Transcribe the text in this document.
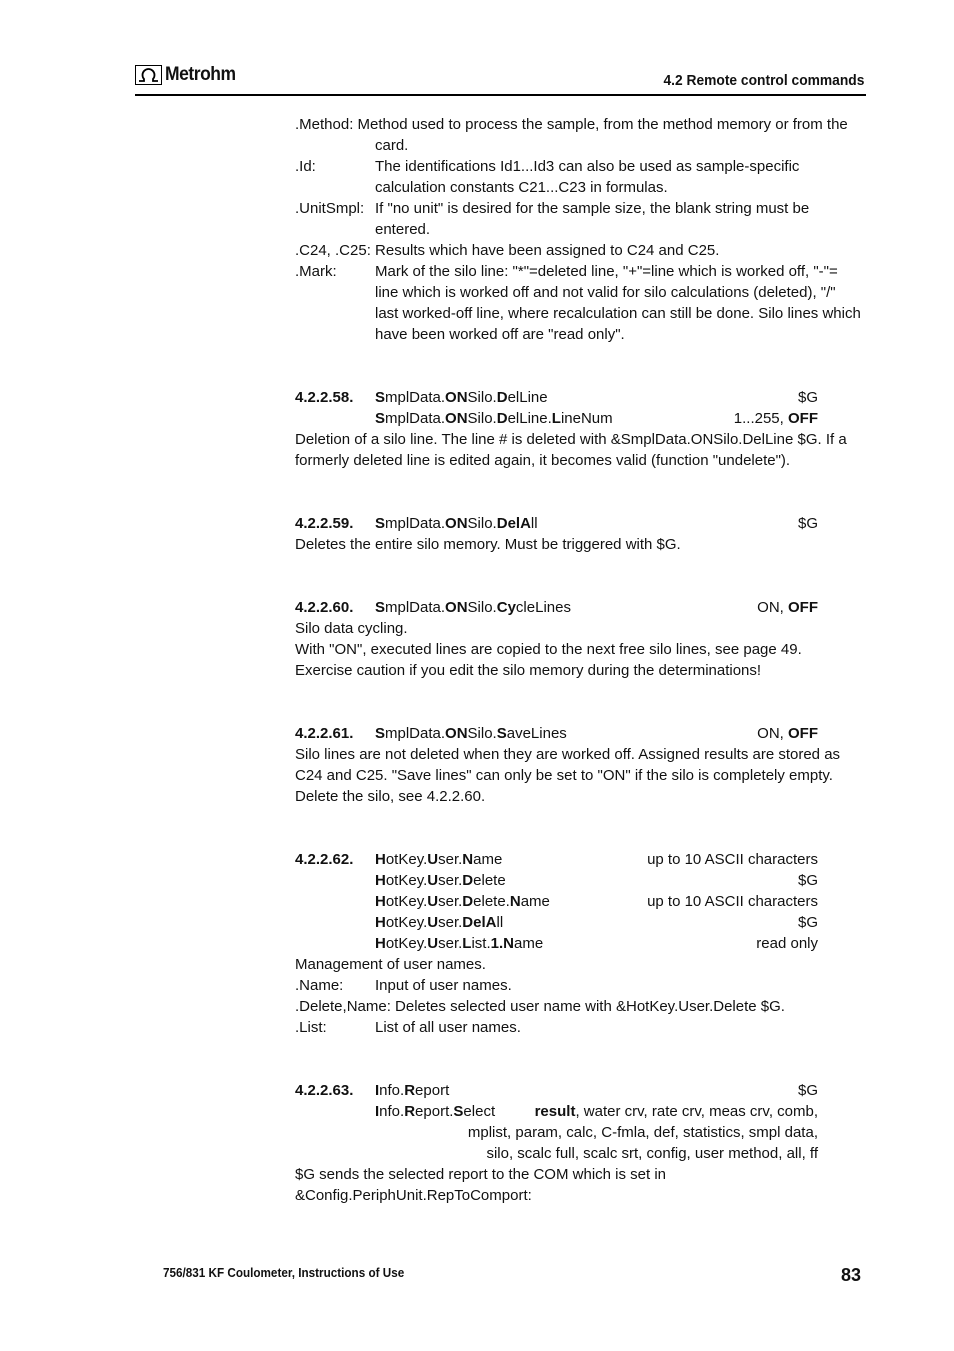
Metrohm	4.2 Remote control commands
.Method: Method used to process the sample, from the method memory or from the card.
.Id:	The identifications Id1...Id3 can also be used as sample-specific calculation constants C21...C23 in formulas.
.UnitSmpl: If "no unit" is desired for the sample size, the blank string must be entered.
.C24, .C25: Results which have been assigned to C24 and C25.
.Mark:	Mark of the silo line: "*"=deleted line, "+"=line which is worked off, "-"= line which is worked off and not valid for silo calculations (deleted), "/" last worked-off line, where recalculation can still be done. Silo lines which have been worked off are "read only".
4.2.2.58. SmplData.ONSilo.DelLine	$G
SmplData.ONSilo.DelLine.LineNum	1...255, OFF
Deletion of a silo line. The line # is deleted with &SmplData.ONSilo.DelLine $G. If a formerly deleted line is edited again, it becomes valid (function "undelete").
4.2.2.59. SmplData.ONSilo.DelAll	$G
Deletes the entire silo memory. Must be triggered with $G.
4.2.2.60. SmplData.ONSilo.CycleLines	ON, OFF
Silo data cycling.
With "ON", executed lines are copied to the next free silo lines, see page 49. Exercise caution if you edit the silo memory during the determinations!
4.2.2.61. SmplData.ONSilo.SaveLines	ON, OFF
Silo lines are not deleted when they are worked off. Assigned results are stored as C24 and C25. "Save lines" can only be set to "ON" if the silo is completely empty. Delete the silo, see 4.2.2.60.
4.2.2.62. HotKey.User.Name	up to 10 ASCII characters
HotKey.User.Delete	$G
HotKey.User.Delete.Name	up to 10 ASCII characters
HotKey.User.DelAll	$G
HotKey.User.List.1.Name	read only
Management of user names.
.Name:	Input of user names.
.Delete,Name: Deletes selected user name with &HotKey.User.Delete $G.
.List:	List of all user names.
4.2.2.63. Info.Report	$G
Info.Report.Select	result, water crv, rate crv, meas crv, comb,
mplist, param, calc, C-fmla, def, statistics, smpl data,
silo, scalc full, scalc srt, config, user method, all, ff
$G sends the selected report to the COM which is set in
&Config.PeriphUnit.RepToComport:
756/831 KF Coulometer, Instructions of Use	83
